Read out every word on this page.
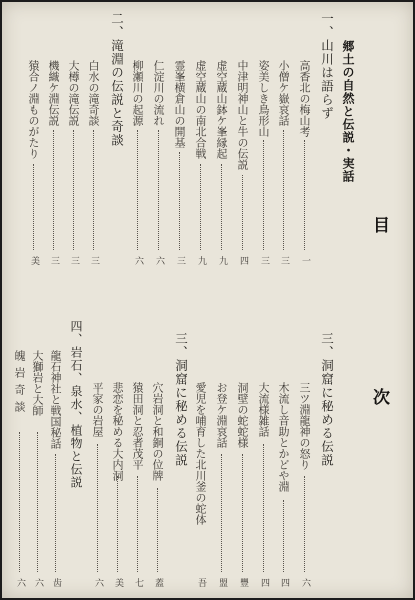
目
次
郷土の自然と伝説・実話
一、山川は語らず
高香北の梅山考
一
小僧ケ嶽哀話
三
姿美しき鳥形山
三
中津明神山と牛の伝説
四
虚空蔵山鉢ケ峯縁起
九
虚空蔵山の南北合戦
九
霊峯横倉山の開基
三
仁淀川の流れ
六
柳瀬川の起源
六
二、滝淵の伝説と奇談
白水の滝奇談
三
大樽の滝伝説
三
機織ケ淵伝説
三
猿合ノ淵ものがたり
美
三、洞窟に秘める伝説
三ツ淵龍神の怒り
六
木流し音助とかどや淵
四
大流様雑話
四
洞壁の蛇蛇様
豐
お登ケ淵哀話
盟
愛児を哺育した北川釜の蛇体
吾
三、洞窟に秘める伝説
穴岩洞と和銅の位牌
蓋
猿田洞と忍者茂平
七
悲恋を秘める大内洞
美
平家の岩屋
六
四、岩石、泉水、植物と伝説
龍石神社と戦国秘話
齿
大獅岩と大師
六
魄岩奇談
六
